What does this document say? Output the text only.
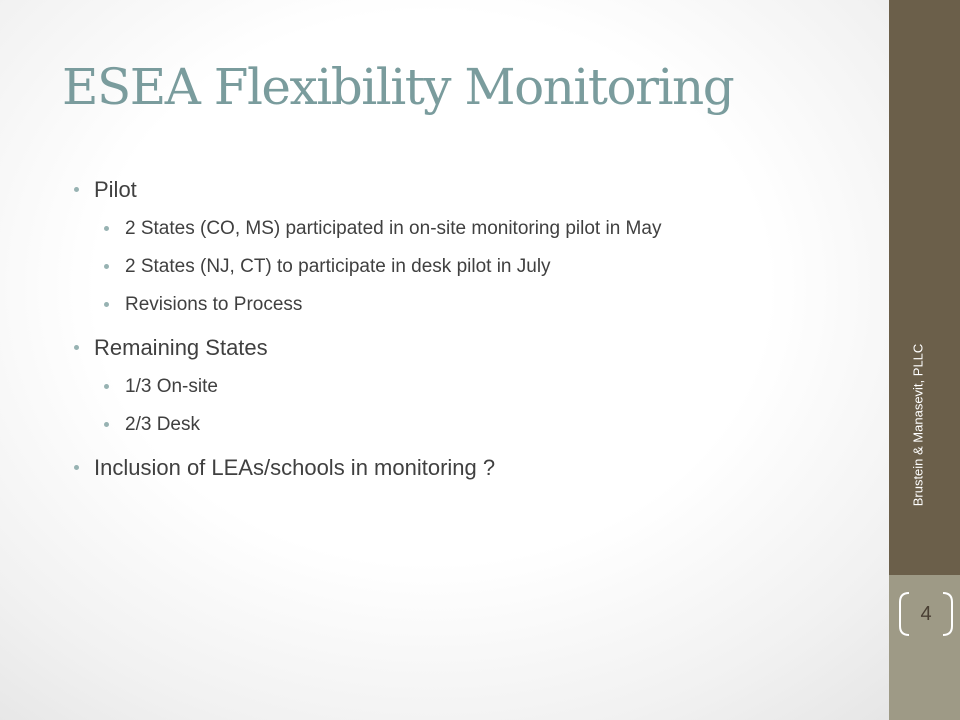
ESEA Flexibility Monitoring
Pilot
2 States (CO, MS) participated in on-site monitoring pilot in May
2 States (NJ, CT) to participate in desk pilot in July
Revisions to Process
Remaining States
1/3 On-site
2/3 Desk
Inclusion of LEAs/schools in monitoring ?	Brustein & Manasevit, PLLC
4
